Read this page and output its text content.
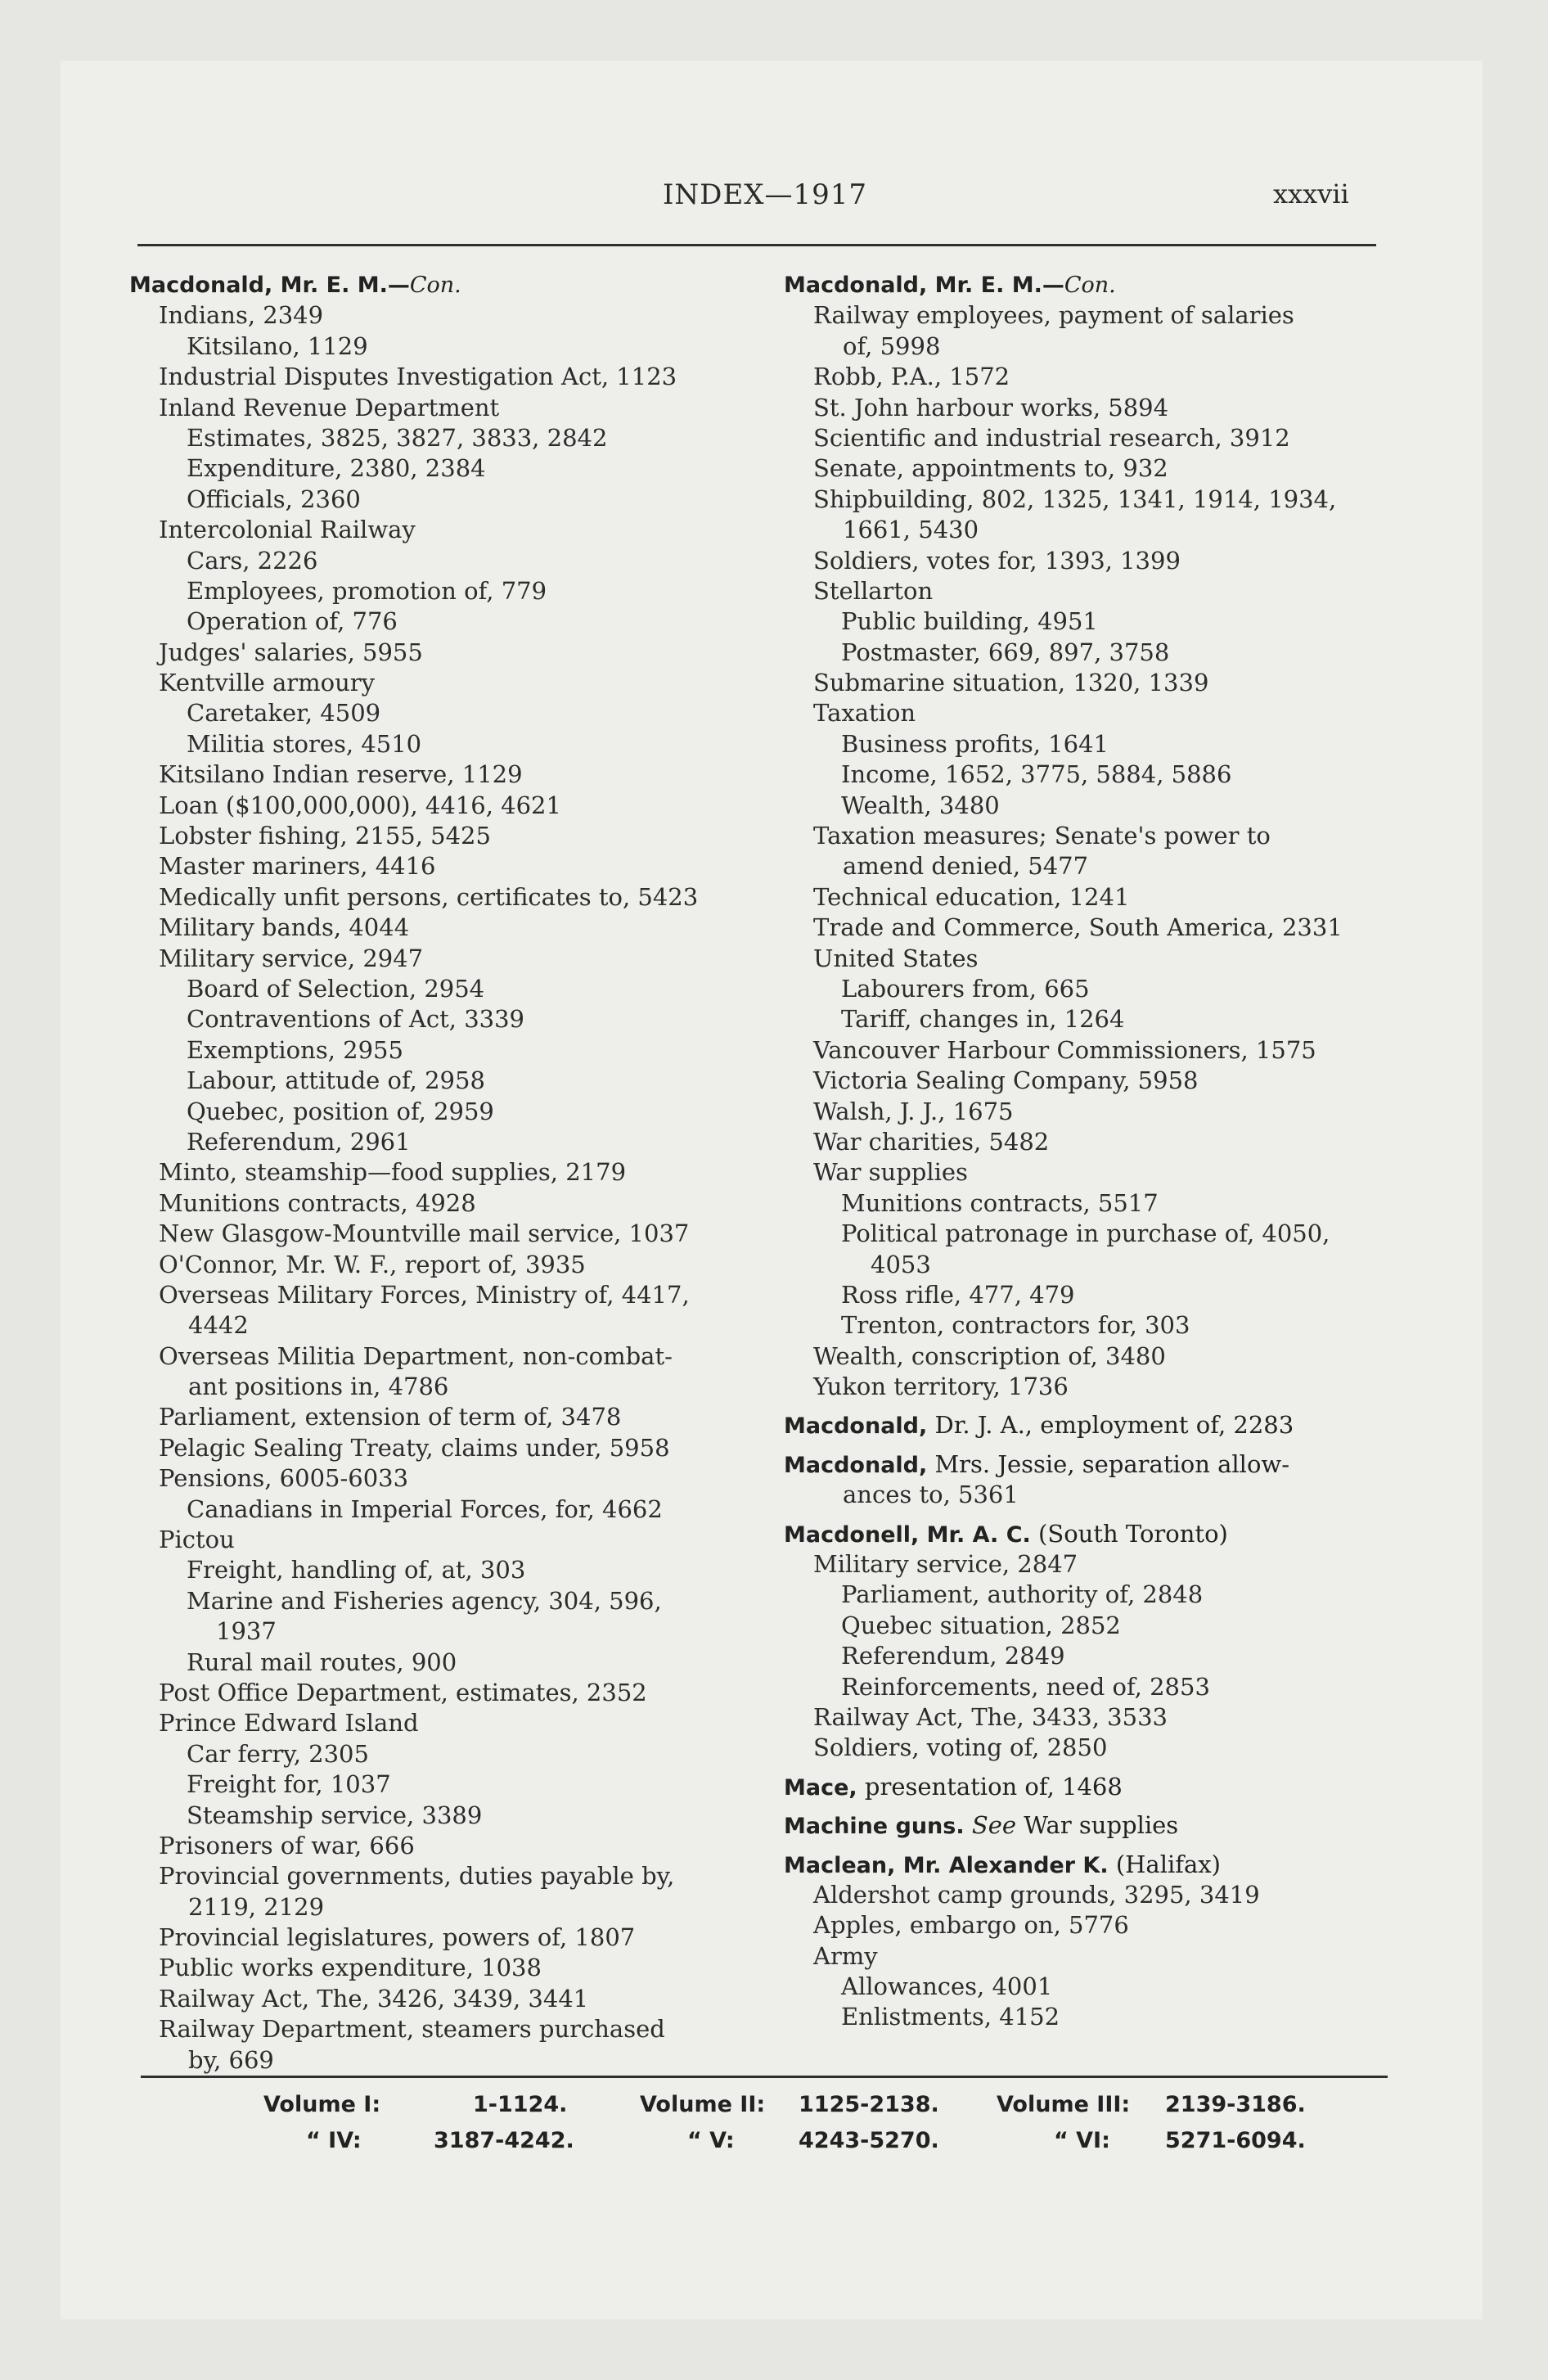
INDEX—1917	xxxvii
Macdonald, Mr. E. M.—Con.
Indians, 2349
Kitsilano, 1129
Industrial Disputes Investigation Act, 1123
Inland Revenue Department
Estimates, 3825, 3827, 3833, 2842
Expenditure, 2380, 2384
Officials, 2360
Intercolonial Railway
Cars, 2226
Employees, promotion of, 779
Operation of, 776
Judges' salaries, 5955
Kentville armoury
Caretaker, 4509
Militia stores, 4510
Kitsilano Indian reserve, 1129
Loan ($100,000,000), 4416, 4621
Lobster fishing, 2155, 5425
Master mariners, 4416
Medically unfit persons, certificates to, 5423
Military bands, 4044
Military service, 2947
Board of Selection, 2954
Contraventions of Act, 3339
Exemptions, 2955
Labour, attitude of, 2958
Quebec, position of, 2959
Referendum, 2961
Minto, steamship—food supplies, 2179
Munitions contracts, 4928
New Glasgow-Mountville mail service, 1037
O'Connor, Mr. W. F., report of, 3935
Overseas Military Forces, Ministry of, 4417,
4442
Overseas Militia Department, non-combat-
ant positions in, 4786
Parliament, extension of term of, 3478
Pelagic Sealing Treaty, claims under, 5958
Pensions, 6005-6033
Canadians in Imperial Forces, for, 4662
Pictou
Freight, handling of, at, 303
Marine and Fisheries agency, 304, 596,
1937
Rural mail routes, 900
Post Office Department, estimates, 2352
Prince Edward Island
Car ferry, 2305
Freight for, 1037
Steamship service, 3389
Prisoners of war, 666
Provincial governments, duties payable by,
2119, 2129
Provincial legislatures, powers of, 1807
Public works expenditure, 1038
Railway Act, The, 3426, 3439, 3441
Railway Department, steamers purchased
by, 669
Macdonald, Mr. E. M.—Con.
Railway employees, payment of salaries
of, 5998
Robb, P.A., 1572
St. John harbour works, 5894
Scientific and industrial research, 3912
Senate, appointments to, 932
Shipbuilding, 802, 1325, 1341, 1914, 1934,
1661, 5430
Soldiers, votes for, 1393, 1399
Stellarton
Public building, 4951
Postmaster, 669, 897, 3758
Submarine situation, 1320, 1339
Taxation
Business profits, 1641
Income, 1652, 3775, 5884, 5886
Wealth, 3480
Taxation measures; Senate's power to
amend denied, 5477
Technical education, 1241
Trade and Commerce, South America, 2331
United States
Labourers from, 665
Tariff, changes in, 1264
Vancouver Harbour Commissioners, 1575
Victoria Sealing Company, 5958
Walsh, J. J., 1675
War charities, 5482
War supplies
Munitions contracts, 5517
Political patronage in purchase of, 4050,
4053
Ross rifle, 477, 479
Trenton, contractors for, 303
Wealth, conscription of, 3480
Yukon territory, 1736
Macdonald, Dr. J. A., employment of, 2283
Macdonald, Mrs. Jessie, separation allow-
ances to, 5361
Macdonell, Mr. A. C. (South Toronto)
Military service, 2847
Parliament, authority of, 2848
Quebec situation, 2852
Referendum, 2849
Reinforcements, need of, 2853
Railway Act, The, 3433, 3533
Soldiers, voting of, 2850
Mace, presentation of, 1468
Machine guns. See War supplies
Maclean, Mr. Alexander K. (Halifax)
Aldershot camp grounds, 3295, 3419
Apples, embargo on, 5776
Army
Allowances, 4001
Enlistments, 4152
Volume I:	1-1124.	Volume II: 1125-2138.	Volume III: 2139-3186.
“ IV:	3187-4242.	“ V:	4243-5270.	“ VI: 5271-6094.
